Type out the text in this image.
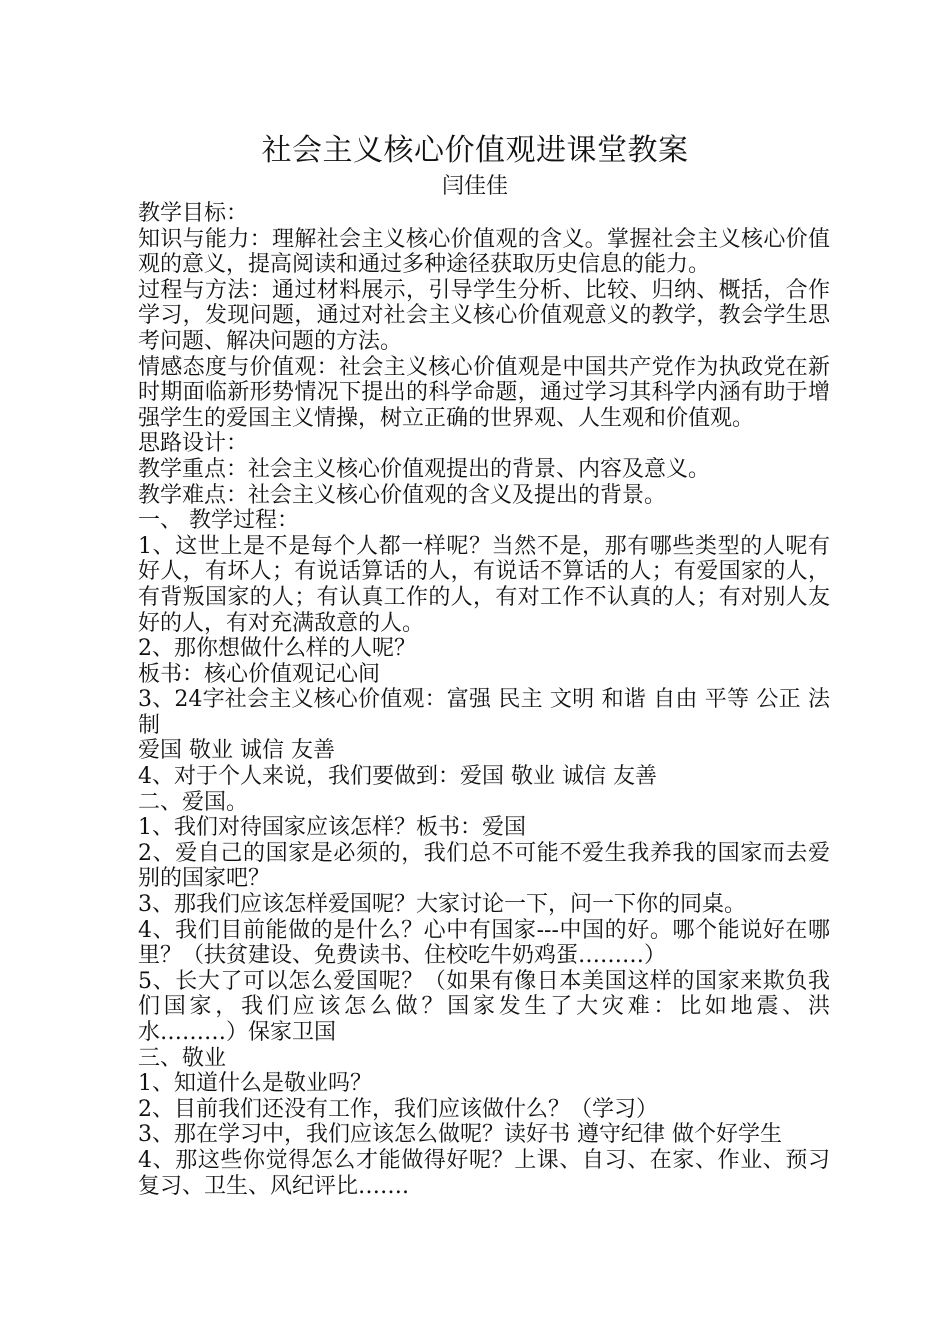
社会主义核心价值观进课堂教案
闫佳佳

教学目标：

知识与能力：理解社会主义核心价值观的含义。掌握社会主义核心价值观的意义，提高阅读和通过多种途径获取历史信息的能力。

过程与方法：通过材料展示，引导学生分析、比较、归纳、概括，合作学习，发现问题，通过对社会主义核心价值观意义的教学，教会学生思考问题、解决问题的方法。

情感态度与价值观：社会主义核心价值观是中国共产党作为执政党在新时期面临新形势情况下提出的科学命题，通过学习其科学内涵有助于增强学生的爱国主义情操，树立正确的世界观、人生观和价值观。

思路设计：

教学重点：社会主义核心价值观提出的背景、内容及意义。

教学难点：社会主义核心价值观的含义及提出的背景。

一、 教学过程：

1、这世上是不是每个人都一样呢？当然不是，那有哪些类型的人呢有好人，有坏人；有说话算话的人，有说话不算话的人；有爱国家的人，有背叛国家的人；有认真工作的人，有对工作不认真的人；有对别人友好的人，有对充满敌意的人。

2、那你想做什么样的人呢？

板书：核心价值观记心间

3、24字社会主义核心价值观：富强 民主 文明 和谐 自由 平等 公正 法制

爱国 敬业 诚信 友善

4、对于个人来说，我们要做到：爱国 敬业 诚信 友善

二、爱国。

1、我们对待国家应该怎样？板书：爱国

2、爱自己的国家是必须的，我们总不可能不爱生我养我的国家而去爱别的国家吧？

3、那我们应该怎样爱国呢？大家讨论一下，问一下你的同桌。

4、我们目前能做的是什么？心中有国家---中国的好。哪个能说好在哪里？（扶贫建设、免费读书、住校吃牛奶鸡蛋………）

5、长大了可以怎么爱国呢？（如果有像日本美国这样的国家来欺负我们国家，我们应该怎么做？国家发生了大灾难：比如地震、洪水………）保家卫国

三、敬业

1、知道什么是敬业吗？

2、目前我们还没有工作，我们应该做什么？（学习）

3、那在学习中，我们应该怎么做呢？读好书 遵守纪律 做个好学生

4、那这些你觉得怎么才能做得好呢？上课、自习、在家、作业、预习复习、卫生、风纪评比…….
